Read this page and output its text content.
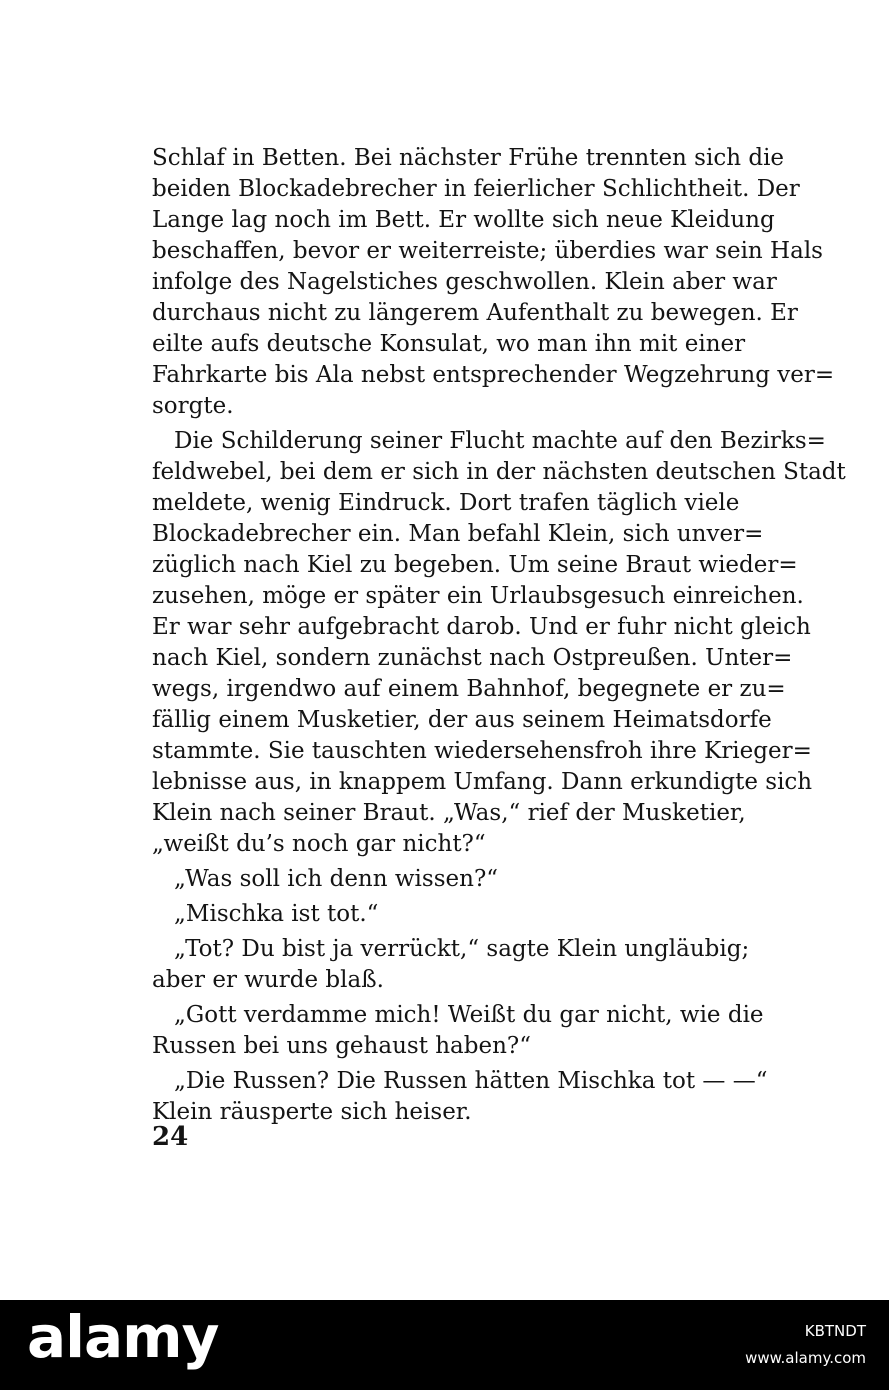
Schlaf in Betten. Bei nächster Frühe trennten sich die
beiden Blockadebrecher in feierlicher Schlichtheit. Der
Lange lag noch im Bett. Er wollte sich neue Kleidung
beschaffen, bevor er weiterreiste; überdies war sein Hals
infolge des Nagelstiches geschwollen. Klein aber war
durchaus nicht zu längerem Aufenthalt zu bewegen. Er
eilte aufs deutsche Konsulat, wo man ihn mit einer
Fahrkarte bis Ala nebst entsprechender Wegzehrung ver=
sorgte.
Die Schilderung seiner Flucht machte auf den Bezirks=
feldwebel, bei dem er sich in der nächsten deutschen Stadt
meldete, wenig Eindruck. Dort trafen täglich viele
Blockadebrecher ein. Man befahl Klein, sich unver=
züglich nach Kiel zu begeben. Um seine Braut wieder=
zusehen, möge er später ein Urlaubsgesuch einreichen.
Er war sehr aufgebracht darob. Und er fuhr nicht gleich
nach Kiel, sondern zunächst nach Ostpreußen. Unter=
wegs, irgendwo auf einem Bahnhof, begegnete er zu=
fällig einem Musketier, der aus seinem Heimatsdorfe
stammte. Sie tauschten wiedersehensfroh ihre Krieger=
lebnisse aus, in knappem Umfang. Dann erkundigte sich
Klein nach seiner Braut. „Was,“ rief der Musketier,
„weißt du’s noch gar nicht?“
„Was soll ich denn wissen?“
„Mischka ist tot.“
„Tot? Du bist ja verrückt,“ sagte Klein ungläubig;
aber er wurde blaß.
„Gott verdamme mich! Weißt du gar nicht, wie die
Russen bei uns gehaust haben?“
„Die Russen? Die Russen hätten Mischka tot — —“
Klein räusperte sich heiser.
24
alamy	KBTNDT
www.alamy.com
